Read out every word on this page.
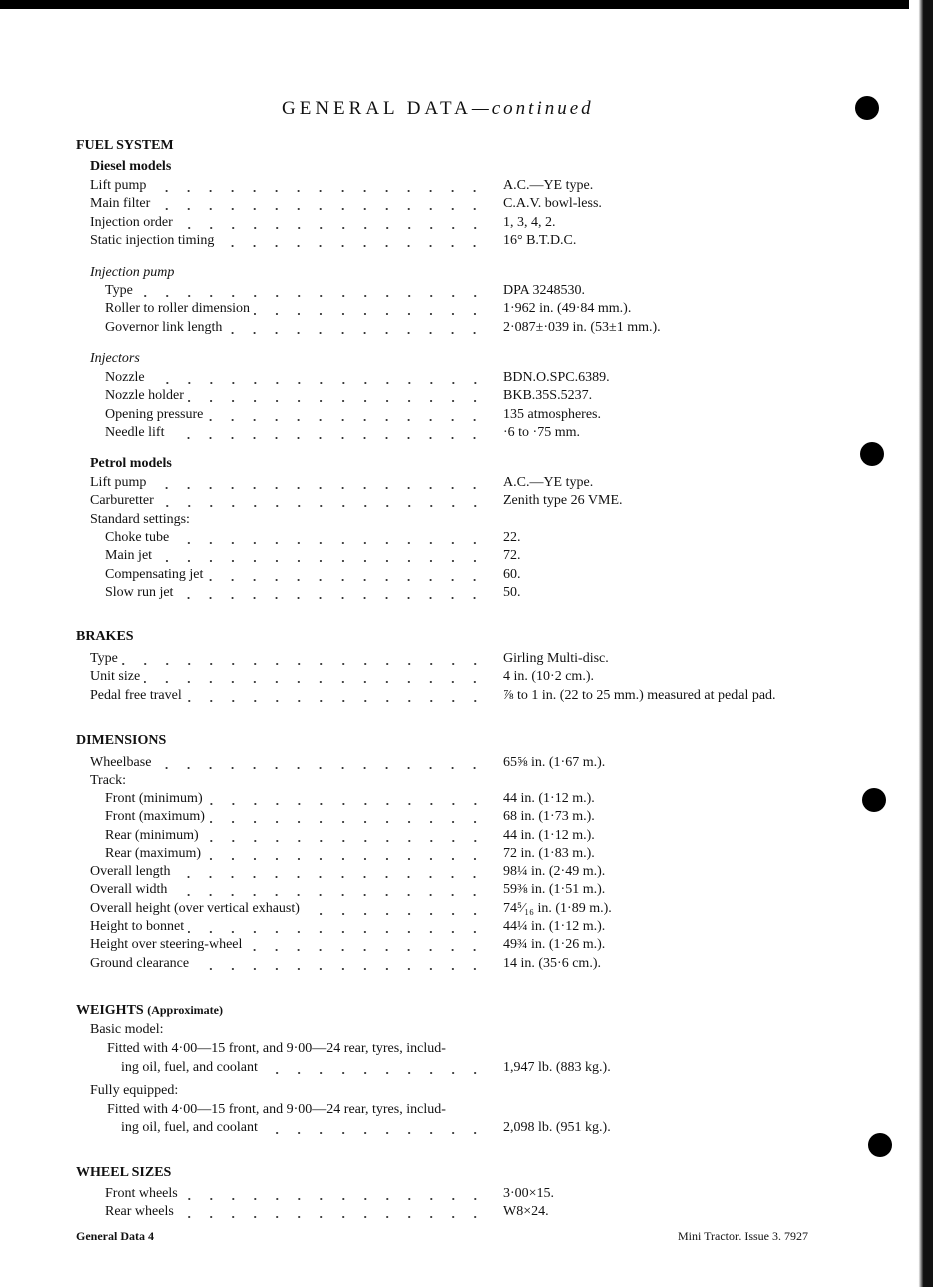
GENERAL DATA—continued
FUEL SYSTEM
Diesel models
Lift pump	A.C.—YE type.
Main filter	C.A.V. bowl-less.
Injection order	1, 3, 4, 2.
Static injection timing	16° B.T.D.C.
Injection pump
Type	DPA 3248530.
Roller to roller dimension	1·962 in. (49·84 mm.).
Governor link length	2·087±·039 in. (53±1 mm.).
Injectors
Nozzle	BDN.O.SPC.6389.
Nozzle holder	BKB.35S.5237.
Opening pressure	135 atmospheres.
Needle lift	·6 to ·75 mm.
Petrol models
Lift pump	A.C.—YE type.
Carburetter	Zenith type 26 VME.
Standard settings:
Choke tube	22.
Main jet	72.
Compensating jet	60.
Slow run jet	50.
BRAKES
Type	Girling Multi-disc.
Unit size	4 in. (10·2 cm.).
Pedal free travel	⅞ to 1 in. (22 to 25 mm.) measured at pedal pad.
DIMENSIONS
Wheelbase	65⅝ in. (1·67 m.).
Track:
Front (minimum)	44 in. (1·12 m.).
Front (maximum)	68 in. (1·73 m.).
Rear (minimum)	44 in. (1·12 m.).
Rear (maximum)	72 in. (1·83 m.).
Overall length	98¼ in. (2·49 m.).
Overall width	59⅜ in. (1·51 m.).
Overall height (over vertical exhaust)	74⁵⁄₁₆ in. (1·89 m.).
Height to bonnet	44¼ in. (1·12 m.).
Height over steering-wheel	49¾ in. (1·26 m.).
Ground clearance	14 in. (35·6 cm.).
WEIGHTS (Approximate)
Basic model:
Fitted with 4·00—15 front, and 9·00—24 rear, tyres, includ-
ing oil, fuel, and coolant	1,947 lb. (883 kg.).
Fully equipped:
Fitted with 4·00—15 front, and 9·00—24 rear, tyres, includ-
ing oil, fuel, and coolant	2,098 lb. (951 kg.).
WHEEL SIZES
Front wheels	3·00×15.
Rear wheels	W8×24.
General Data 4	Mini Tractor. Issue 3. 7927
